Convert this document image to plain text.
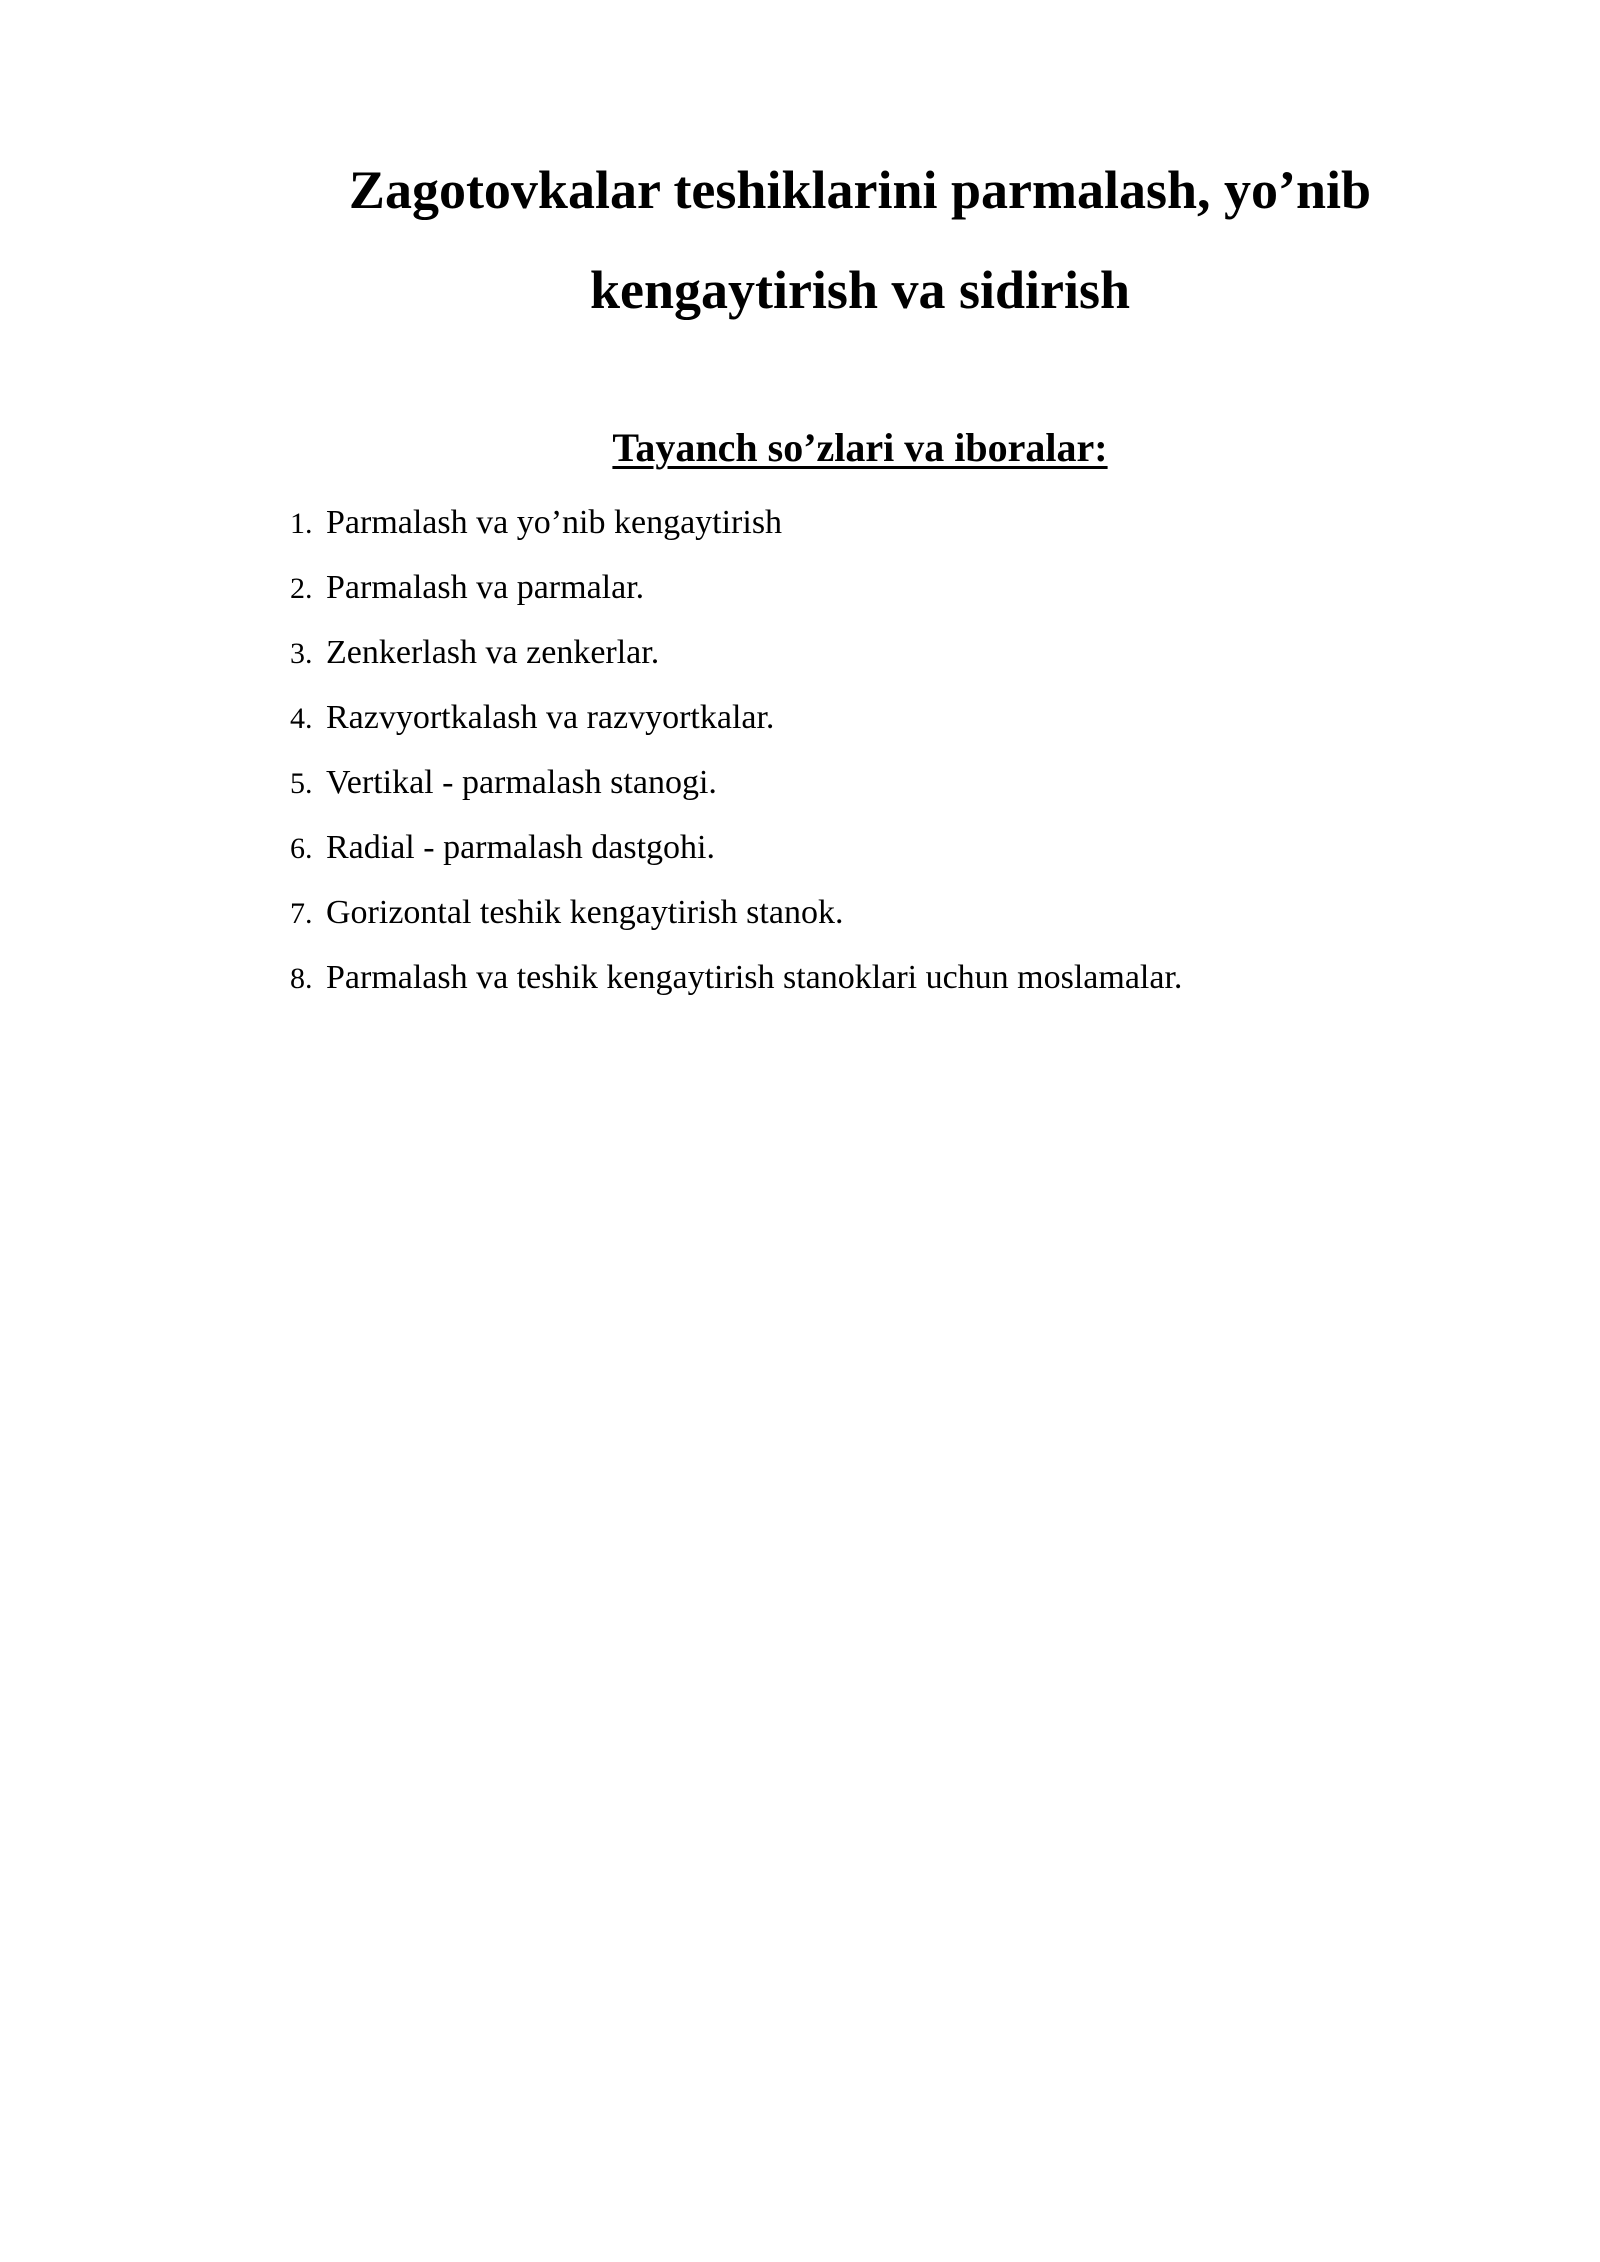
Zagotovkalar teshiklarini parmalash, yo’nib kengaytirish va sidirish
Tayanch so’zlari va iboralar:
1. Parmalash va yo’nib kengaytirish
2. Parmalash va parmalar.
3. Zenkerlash va zenkerlar.
4. Razvyortkalash va razvyortkalar.
5. Vertikal - parmalash stanogi.
6. Radial - parmalash dastgohi.
7. Gorizontal teshik kengaytirish stanok.
8. Parmalash va teshik kengaytirish stanoklari uchun moslamalar.
